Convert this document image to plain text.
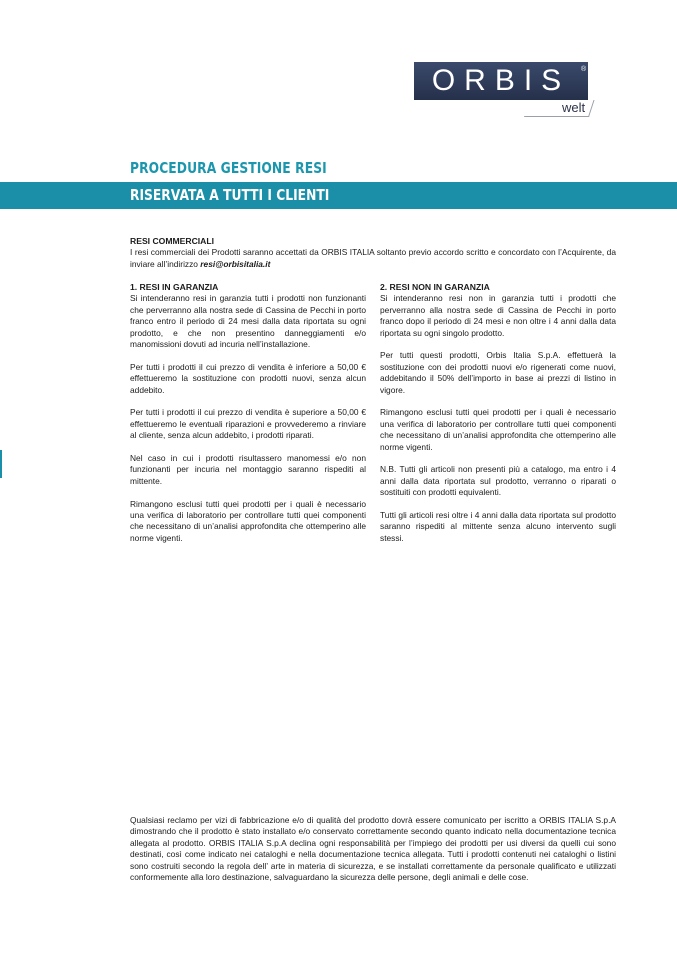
ORBIS	®
welt
PROCEDURA GESTIONE RESI
RISERVATA A TUTTI I CLIENTI

RESI COMMERCIALI

I resi commerciali dei Prodotti saranno accettati da ORBIS ITALIA soltanto previo accordo scritto e concordato con l’Acquirente, da inviare all’indirizzo resi@orbisitalia.it

1. RESI IN GARANZIA

Si intenderanno resi in garanzia tutti i prodotti non funzionanti che perverranno alla nostra sede di Cassina de Pecchi in porto franco entro il periodo di 24 mesi dalla data riportata su ogni prodotto, e che non presentino danneggiamenti e/o manomissioni dovuti ad incuria nell’installazione.

Per tutti i prodotti il cui prezzo di vendita è inferiore a 50,00 € effettueremo la sostituzione con prodotti nuovi, senza alcun addebito.

Per tutti i prodotti il cui prezzo di vendita è superiore a 50,00 € effettueremo le eventuali riparazioni e provvederemo a rinviare al cliente, senza alcun addebito, i prodotti riparati.

Nel caso in cui i prodotti risultassero manomessi e/o non funzionanti per incuria nel montaggio saranno rispediti al mittente.

Rimangono esclusi tutti quei prodotti per i quali è necessario una verifica di laboratorio per controllare tutti quei componenti che necessitano di un’analisi approfondita che ottemperino alle norme vigenti.

2. RESI NON IN GARANZIA

Si intenderanno resi non in garanzia tutti i prodotti che perverranno alla nostra sede di Cassina de Pecchi in porto franco dopo il periodo di 24 mesi e non oltre i 4 anni dalla data riportata su ogni singolo prodotto.

Per tutti questi prodotti, Orbis Italia S.p.A. effettuerà la sostituzione con dei prodotti nuovi e/o rigenerati come nuovi, addebitando il 50% dell’importo in base ai prezzi di listino in vigore.

Rimangono esclusi tutti quei prodotti per i quali è necessario una verifica di laboratorio per controllare tutti quei componenti che necessitano di un’analisi approfondita che ottemperino alle norme vigenti.

N.B. Tutti gli articoli non presenti più a catalogo, ma entro i 4 anni dalla data riportata sul prodotto, verranno o riparati o sostituiti con prodotti equivalenti.

Tutti gli articoli resi oltre i 4 anni dalla data riportata sul prodotto saranno rispediti al mittente senza alcuno intervento sugli stessi.

Qualsiasi reclamo per vizi di fabbricazione e/o di qualità del prodotto dovrà essere comunicato per iscritto a ORBIS ITALIA S.p.A dimostrando che il prodotto è stato installato e/o conservato correttamente secondo quanto indicato nella documentazione tecnica allegata al prodotto. ORBIS ITALIA S.p.A declina ogni responsabilità per l’impiego dei prodotti per usi diversi da quelli cui sono destinati, così come indicato nei cataloghi e nella documentazione tecnica allegata. Tutti i prodotti contenuti nei cataloghi o listini sono costruiti secondo la regola dell’ arte in materia di sicurezza, e se installati correttamente da personale qualificato e utilizzati conformemente alla loro destinazione, salvaguardano la sicurezza delle persone, degli animali e delle cose.
